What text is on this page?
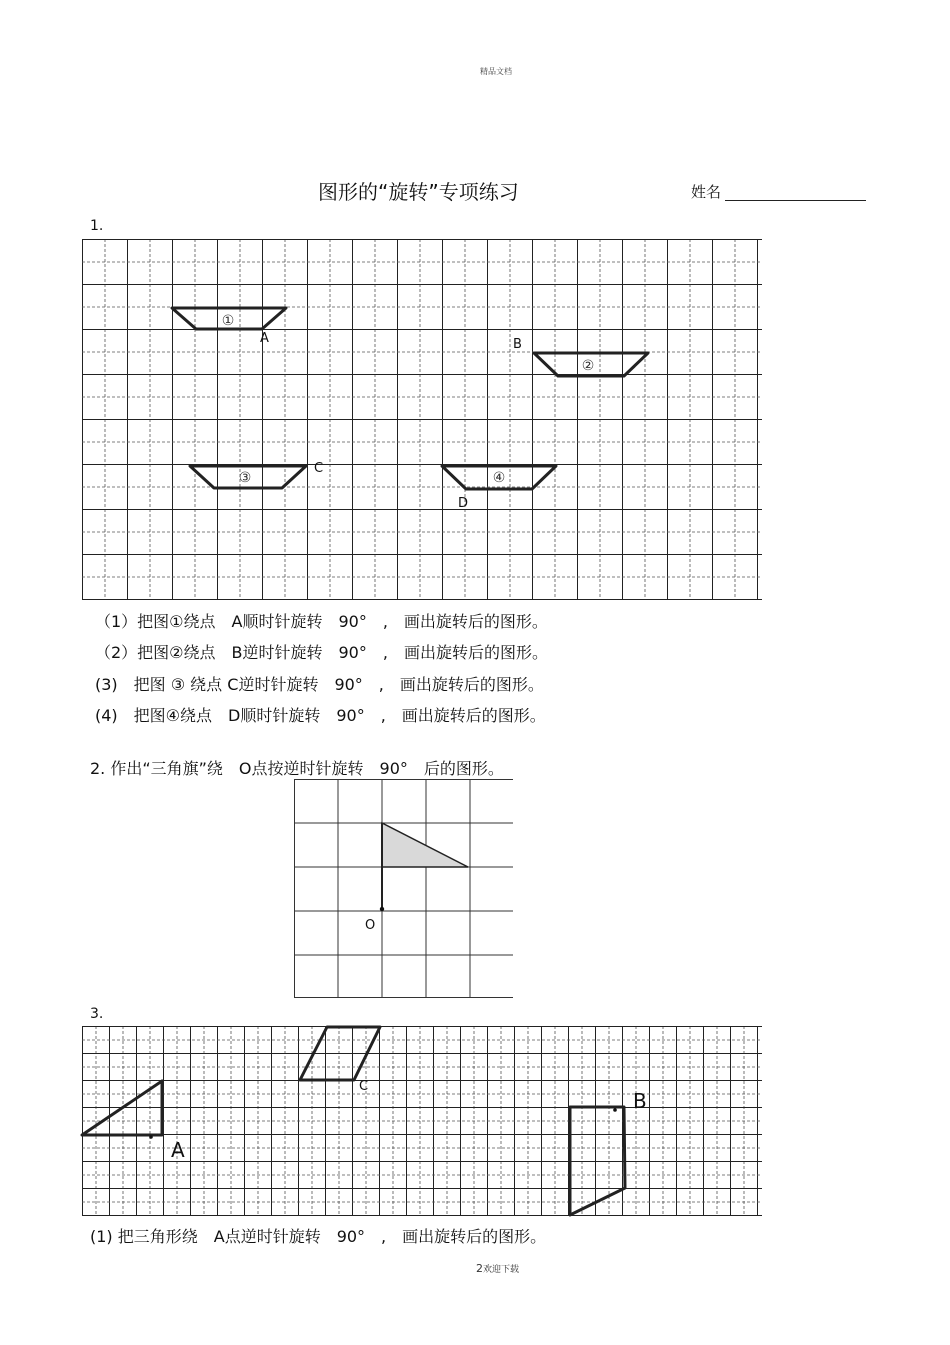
精品文档
图形的“旋转”专项练习	姓名
1.
①
②
③	④
A	B
C
D
（1）把图①绕点　A顺时针旋转　90°　,　画出旋转后的图形。
（2）把图②绕点　B逆时针旋转　90°　,　画出旋转后的图形。
(3)　把图 ③ 绕点 C逆时针旋转　90°　,　画出旋转后的图形。
(4)　把图④绕点　D顺时针旋转　90°　,　画出旋转后的图形。
2. 作出“三角旗”绕　O点按逆时针旋转　90°　后的图形。
O
3.
A
B
C
(1) 把三角形绕　A点逆时针旋转　90°　,　画出旋转后的图形。
2欢迎下载
